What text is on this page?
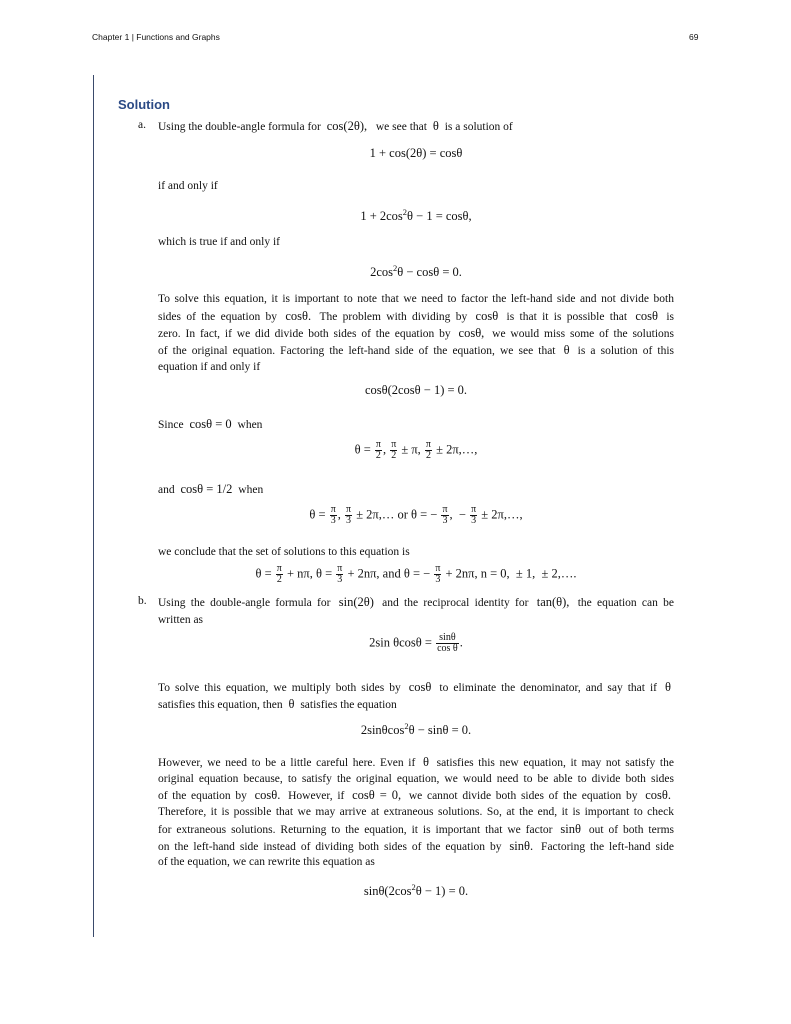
Chapter 1 | Functions and Graphs	69
Solution
a. Using the double-angle formula for cos(2θ),  we see that θ is a solution of
1 + cos(2θ) = cosθ
if and only if
$1 + 2\cos^2\theta - 1 = \cos\theta$,
which is true if and only if
$2\cos^2\theta - \cos\theta = 0$.
cosθ(2cosθ − 1) = 0.
Since cosθ = 0 when
$\theta = \frac{\pi}{2}$ , $\frac{\pi}{2} \pm \pi$, $\frac{\pi}{2}$ ± 2π,…,
and cosθ = 1/2 when
$\theta = \frac{\pi}{3}$ , $\frac{\pi}{3}$ ± 2π,… or θ = − $\frac{\pi}{3}$ ,  − $\frac{\pi}{3}$ ± 2π,…,
we conclude that the set of solutions to this equation is
$\theta = \frac{\pi}{2} + n\pi$, $\theta = \frac{\pi}{3} + 2n\pi$, and θ = − $\frac{\pi}{3} + 2n\pi$, n = 0,  ± 1,  ± 2,….
b.
2sin $\theta\cos\theta = \frac{\sin\theta}{\text{cos θ}}$ .
2sinθcos$^2$θ − sinθ = 0.
$\sin\theta(2\cos^2\theta - 1) = 0$.
To solve this equation, it is important to note that we need to factor the left-hand side and not divide both
sides of the equation by cosθ. The problem with dividing by cosθ is that it is possible that cosθ is
zero. In fact, if we did divide both sides of the equation by cosθ, we would miss some of the solutions
of the original equation. Factoring the left-hand side of the equation, we see that θ is a solution of this
equation if and only if
Using the double-angle formula for sin(2θ) and the reciprocal identity for tan(θ), the equation can be
written as
To solve this equation, we multiply both sides by cosθ to eliminate the denominator, and say that if θ
satisfies this equation, then θ satisfies the equation
However, we need to be a little careful here. Even if θ satisfies this new equation, it may not satisfy the
original equation because, to satisfy the original equation, we would need to be able to divide both sides
of the equation by cosθ. However, if cosθ = 0, we cannot divide both sides of the equation by cosθ.
Therefore, it is possible that we may arrive at extraneous solutions. So, at the end, it is important to check
for extraneous solutions. Returning to the equation, it is important that we factor sinθ out of both terms
on the left-hand side instead of dividing both sides of the equation by sinθ. Factoring the left-hand side
of the equation, we can rewrite this equation as
